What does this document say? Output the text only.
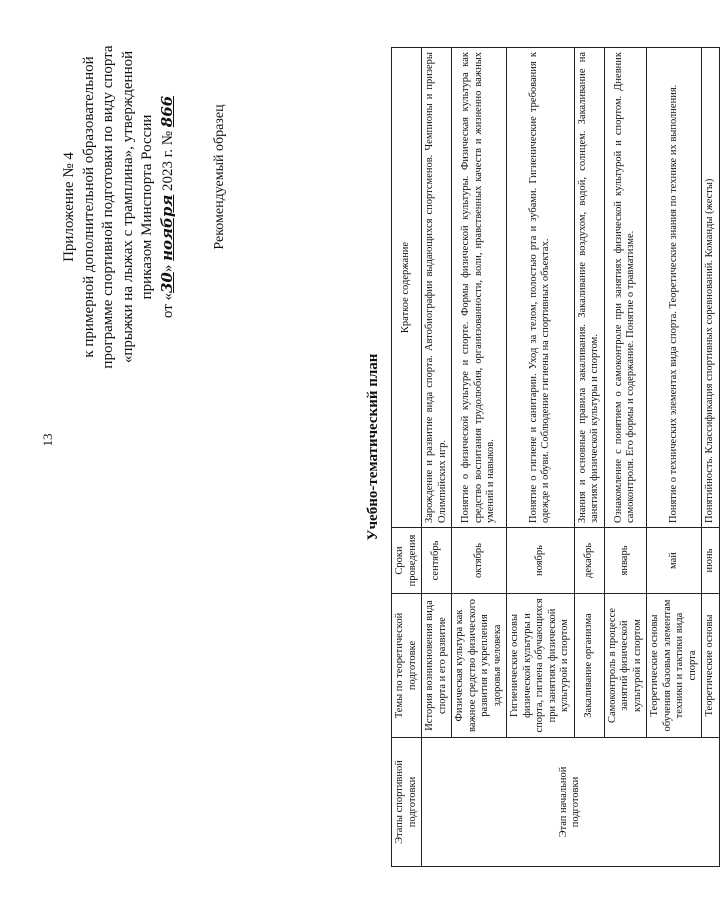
13
Приложение № 4 к примерной дополнительной образовательной программе спортивной подготовки по виду спорта «прыжки на лыжах с трамплина», утвержденной приказом Минспорта России
от «30» ноября 2023 г. № 866	Рекомендуемый образец
Учебно-тематический план
Этапы спортивной подготовки	Темы по теоретической подготовке	Сроки проведения	Краткое содержание
Этап начальной подготовки	История возникновения вида спорта и его развитие	сентябрь	Зарождение и развитие вида спорта. Автобиографии выдающихся спортсменов. Чемпионы и призеры Олимпийских игр.
	Физическая культура как важное средство физического развития и укрепления здоровья человека	октябрь	Понятие о физической культуре и спорте. Формы физической культуры. Физическая культура как средство воспитания трудолюбия, организованности, воли, нравственных качеств и жизненно важных умений и навыков.
	Гигиенические основы физической культуры и спорта, гигиена обучающихся при занятиях физической культурой и спортом	ноябрь	Понятие о гигиене и санитарии. Уход за телом, полостью рта и зубами. Гигиенические требования к одежде и обуви. Соблюдение гигиены на спортивных объектах.
	Закаливание организма	декабрь	Знания и основные правила закаливания. Закаливание воздухом, водой, солнцем. Закаливание на занятиях физической культуры и спортом.
	Самоконтроль в процессе занятий физической культурой и спортом	январь	Ознакомление с понятием о самоконтроле при занятиях физической культурой и спортом. Дневник самоконтроля. Его формы и содержание. Понятие о травматизме.
	Теоретические основы обучения базовым элементам техники и тактики вида спорта	май	Понятие о технических элементах вида спорта. Теоретические знания по технике их выполнения.
	Теоретические основы	июнь	Понятийность. Классификация спортивных соревнований. Команды (жесты)
